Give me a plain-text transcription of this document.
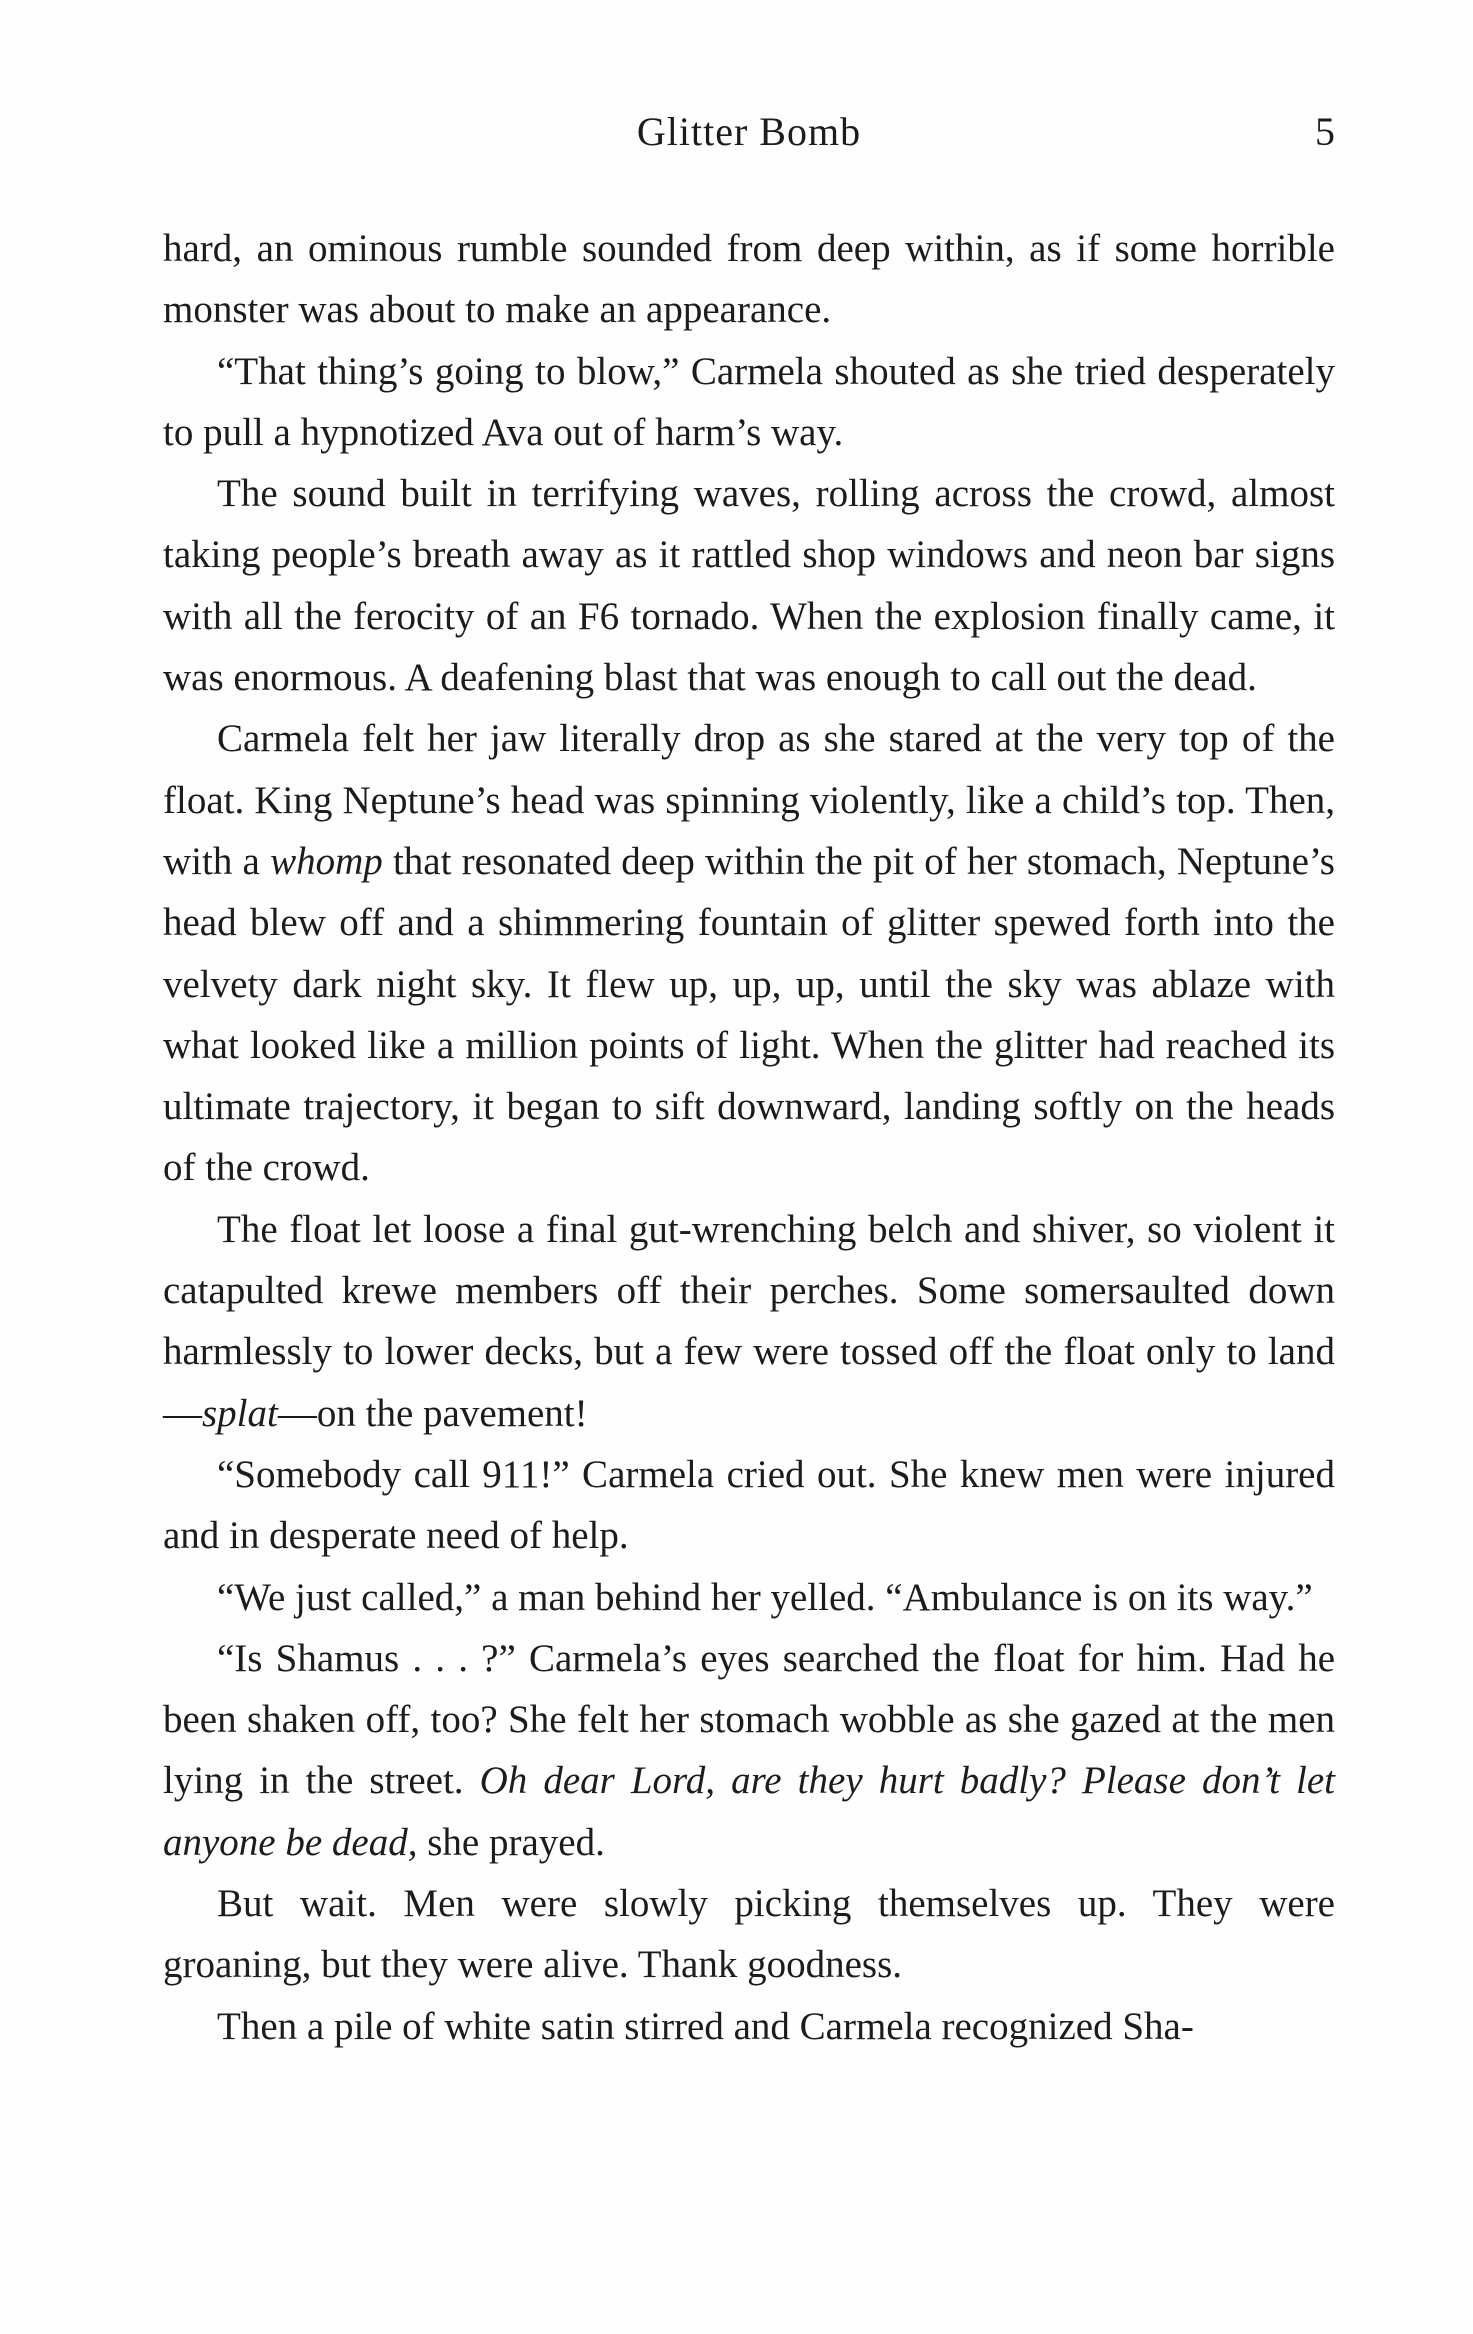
Glitter Bomb	5

hard, an ominous rumble sounded from deep within, as if some horrible monster was about to make an appearance.

“That thing’s going to blow,” Carmela shouted as she tried desperately to pull a hypnotized Ava out of harm’s way.

The sound built in terrifying waves, rolling across the crowd, almost taking people’s breath away as it rattled shop windows and neon bar signs with all the ferocity of an F6 tornado. When the explosion finally came, it was enormous. A deafening blast that was enough to call out the dead.

Carmela felt her jaw literally drop as she stared at the very top of the float. King Neptune’s head was spinning violently, like a child’s top. Then, with a whomp that resonated deep within the pit of her stomach, Neptune’s head blew off and a shimmering fountain of glitter spewed forth into the velvety dark night sky. It flew up, up, up, until the sky was ablaze with what looked like a million points of light. When the glitter had reached its ultimate trajectory, it began to sift downward, landing softly on the heads of the crowd.

The float let loose a final gut-wrenching belch and shiver, so violent it catapulted krewe members off their perches. Some somersaulted down harmlessly to lower decks, but a few were tossed off the float only to land—splat—on the pavement!

“Somebody call 911!” Carmela cried out. She knew men were injured and in desperate need of help.

“We just called,” a man behind her yelled. “Ambulance is on its way.”

“Is Shamus . . . ?” Carmela’s eyes searched the float for him. Had he been shaken off, too? She felt her stomach wobble as she gazed at the men lying in the street. Oh dear Lord, are they hurt badly? Please don’t let anyone be dead, she prayed.

But wait. Men were slowly picking themselves up. They were groaning, but they were alive. Thank goodness.

Then a pile of white satin stirred and Carmela recognized Sha-
